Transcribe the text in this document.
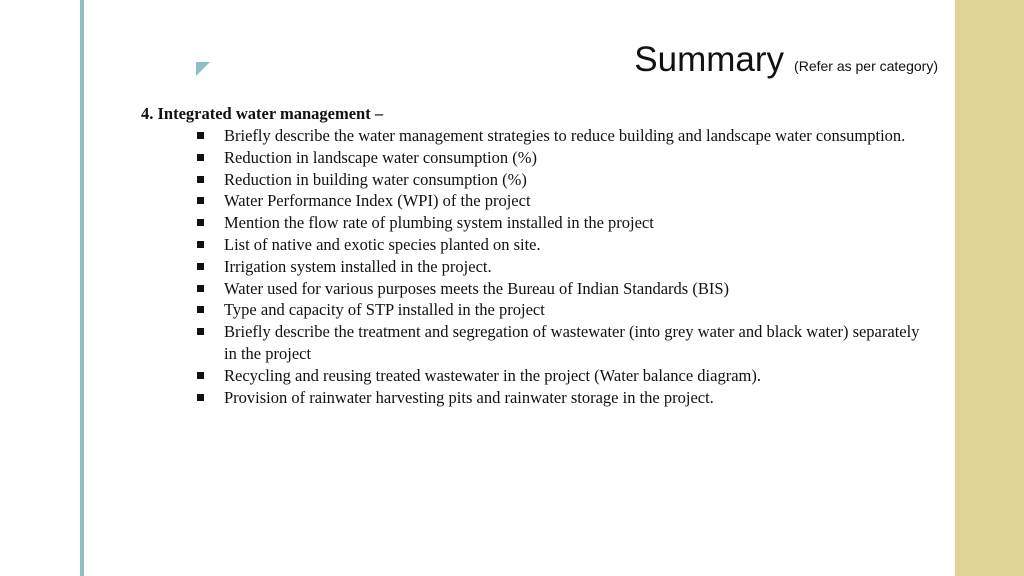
Summary (Refer as per category)

4. Integrated water management –

Briefly describe the water management strategies to reduce building and landscape water consumption.
Reduction in landscape water consumption (%)
Reduction in building water consumption (%)
Water Performance Index (WPI) of the project
Mention the flow rate of plumbing system installed in the project
List of native and exotic species planted on site.
Irrigation system installed in the project.
Water used for various purposes meets the Bureau of Indian Standards (BIS)
Type and capacity of STP installed in the project
Briefly describe the treatment and segregation of wastewater (into grey water and black water) separately in the project
Recycling and reusing treated wastewater in the project (Water balance diagram).
Provision of rainwater harvesting pits and rainwater storage in the project.
